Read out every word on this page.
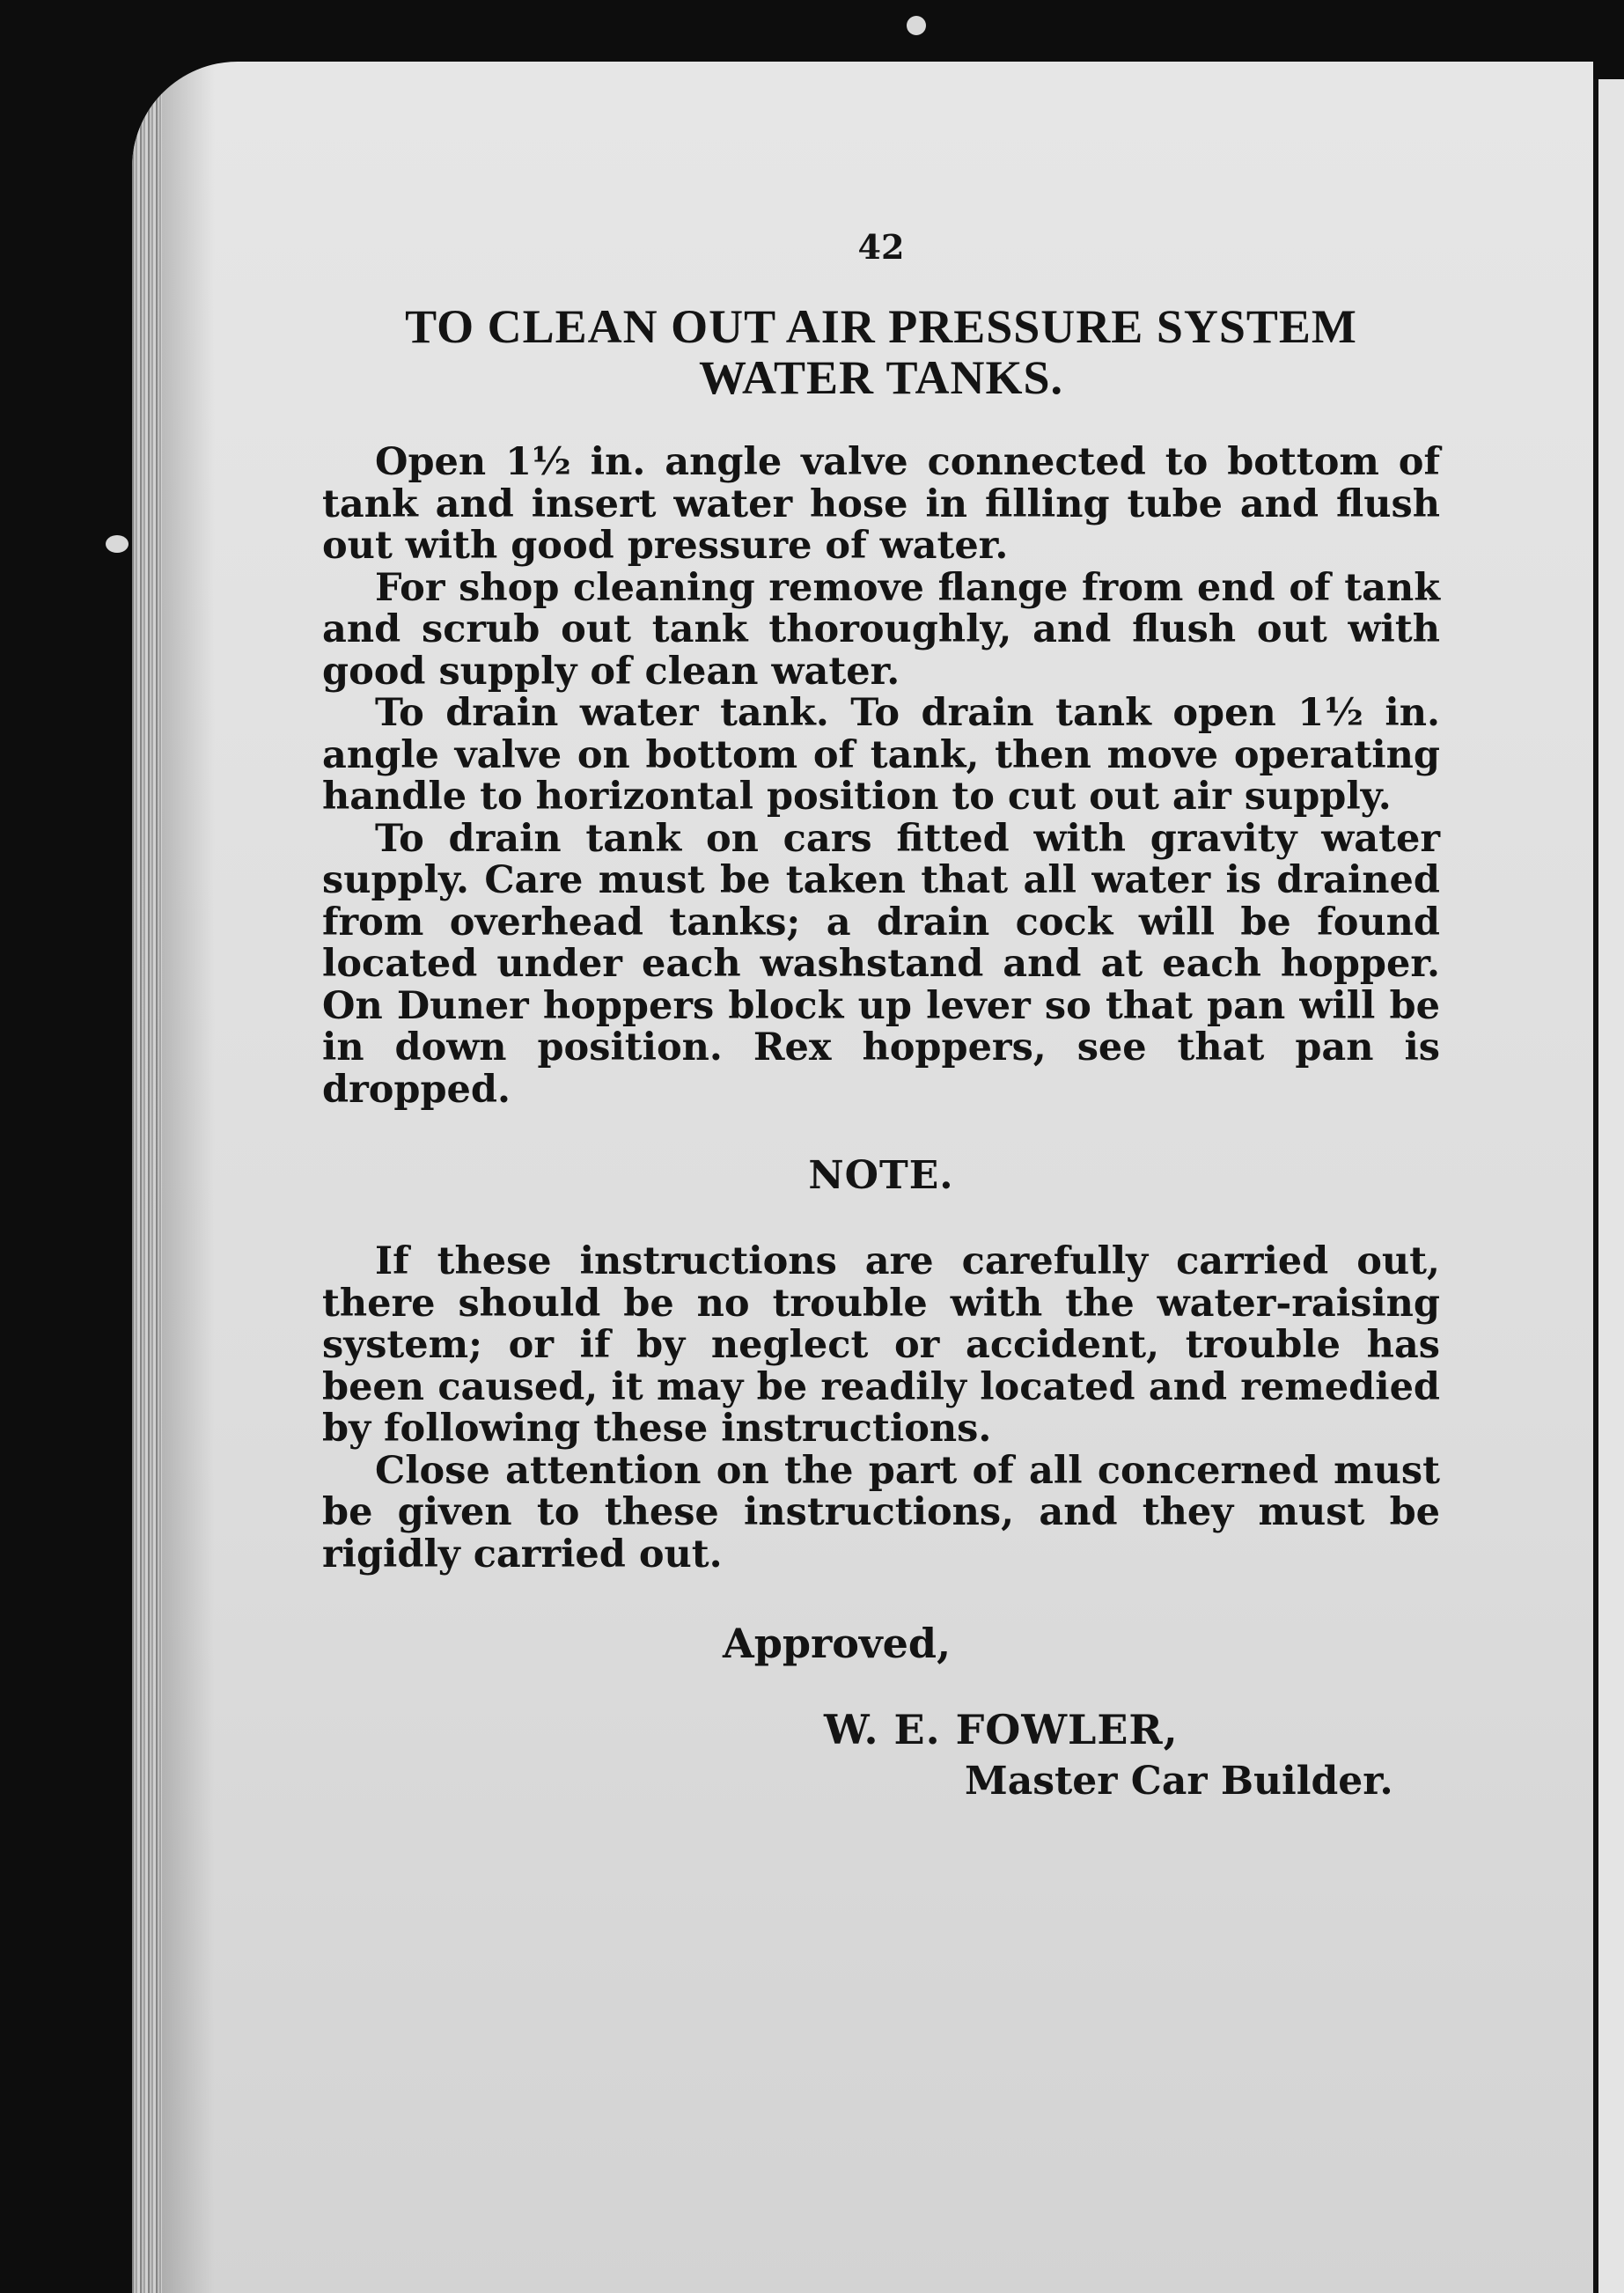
42
TO CLEAN OUT AIR PRESSURE SYSTEM
WATER TANKS.

Open 1½ in. angle valve connected to bottom of tank and insert water hose in filling tube and flush out with good pressure of water.

For shop cleaning remove flange from end of tank and scrub out tank thoroughly, and flush out with good supply of clean water.

To drain water tank. To drain tank open 1½ in. angle valve on bottom of tank, then move operating handle to horizontal position to cut out air supply.

To drain tank on cars fitted with gravity water supply. Care must be taken that all water is drained from overhead tanks; a drain cock will be found located under each washstand and at each hopper. On Duner hoppers block up lever so that pan will be in down position. Rex hoppers, see that pan is dropped.

NOTE.

If these instructions are carefully carried out, there should be no trouble with the water-raising system; or if by neglect or accident, trouble has been caused, it may be readily located and remedied by following these instructions.

Close attention on the part of all concerned must be given to these instructions, and they must be rigidly carried out.

Approved,
W. E. FOWLER,
Master Car Builder.
